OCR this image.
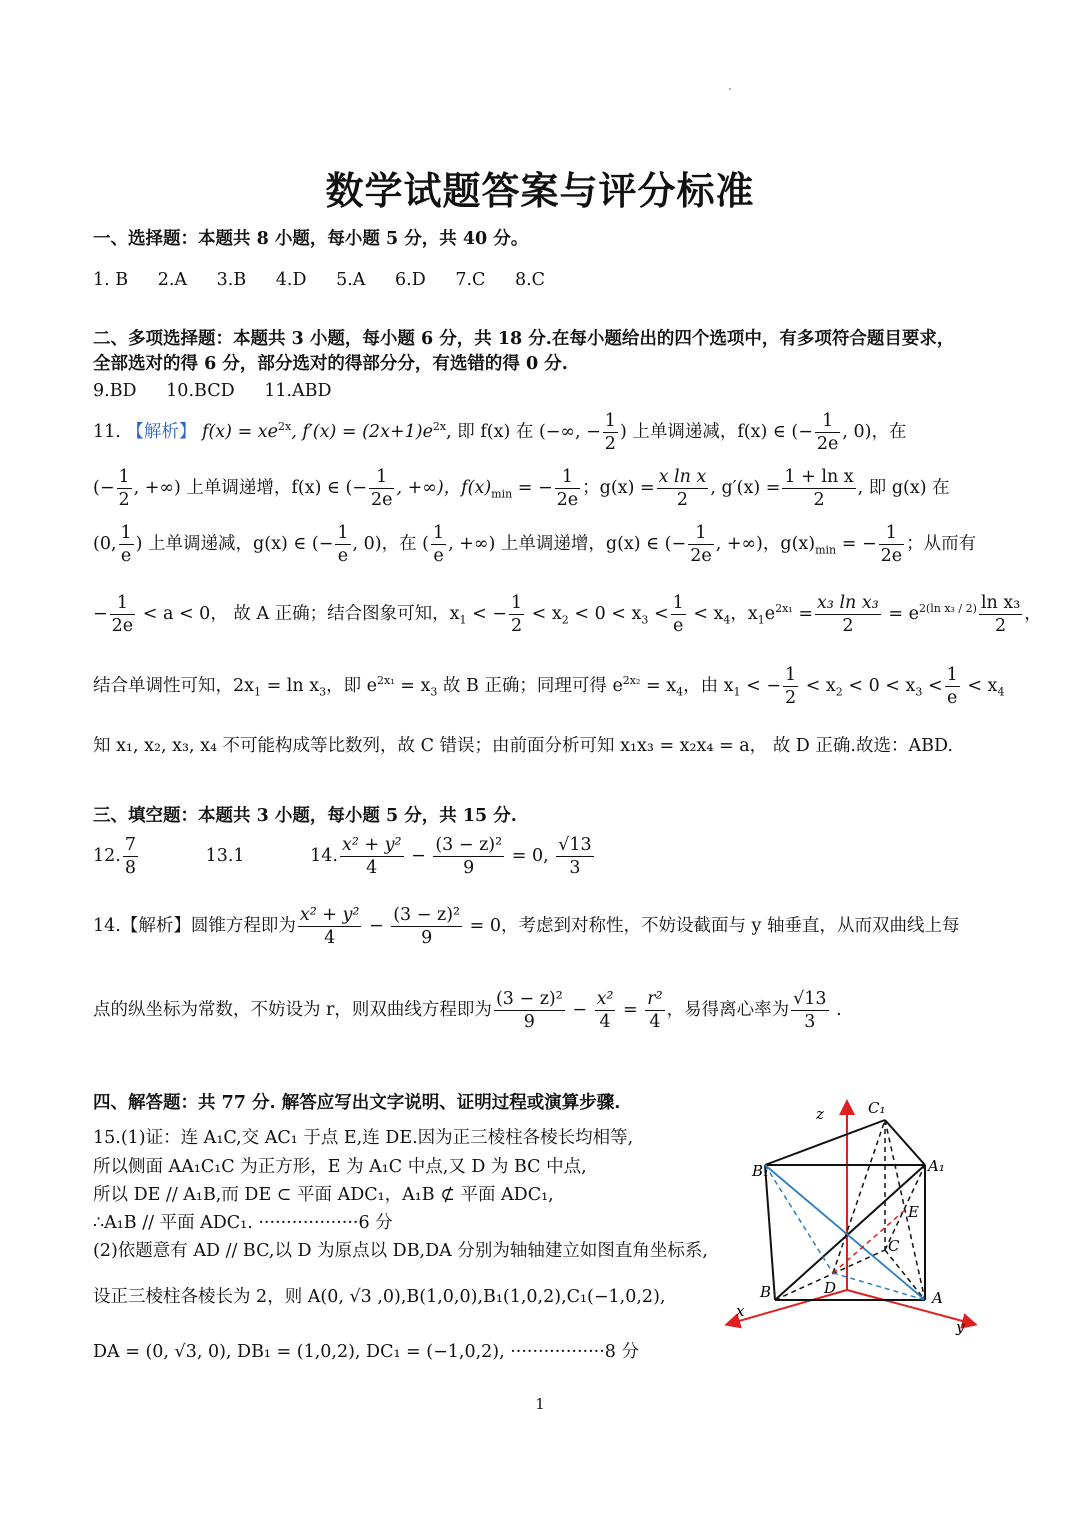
数学试题答案与评分标准
一、选择题：本题共 8 小题，每小题 5 分，共 40 分。
1. B 2.A 3.B 4.D 5.A 6.D 7.C 8.C
二、多项选择题：本题共 3 小题，每小题 6 分，共 18 分.在每小题给出的四个选项中，有多项符合题目要求，
全部选对的得 6 分，部分选对的得部分分，有选错的得 0 分.
9.BD 10.BCD 11.ABD
11. 【解析】 $f(x) = xe^{2x}$, $f'(x) = (2x+1)e^{2x}$, 即 f(x) 在 (−∞, − $\frac{1}{2}$ ) 上单调递减，f(x) ∈ (− $\frac{1}{2e}$ , 0)，在
(− $\frac{1}{2}$ , +∞) 上单调递增，f(x) ∈ (− $\frac{1}{2e}$ , +∞)，$f(x)_{min}$ = − $\frac{1}{2e}$ ；$g(x) = \frac{\text{x ln x}}{2}$ , $g'(x) = \frac{\text{1 + ln x}}{2}$ , 即 g(x) 在
(0, $\frac{1}{e}$ ) 上单调递减，g(x) ∈ (− $\frac{1}{e}$ , 0)，在 ( $\frac{1}{e}$ , +∞) 上单调递增，g(x) ∈ (− $\frac{1}{2e}$ , +∞)，$g(x)_{min}$ = − $\frac{1}{2e}$ ；从而有
− $\frac{1}{2e} < a < 0$， 故 A 正确；结合图象可知，$x_1$ < − $\frac{1}{2} < x_2 < 0 < x_3 < \frac{1}{e} < x_4$，$x_1e^{2x_1} = \frac{\text{x₃ ln x₃}}{2} = e^{2(ln x_3 / 2)} \frac{\text{ln x₃}}{2}$ ，
结合单调性可知，$2x_1 = \ln x_3$，即 $e^{2x_1} = x_3$ 故 B 正确；同理可得 $e^{2x_2} = x_4$，由 $x_1$ < − $\frac{1}{2} < x_2 < 0 < x_3 < \frac{1}{e} < x_4$
知 x₁, x₂, x₃, x₄ 不可能构成等比数列，故 C 错误；由前面分析可知 x₁x₃ = x₂x₄ = a， 故 D 正确.故选：ABD.
三、填空题：本题共 3 小题，每小题 5 分，共 15 分.
12. $\frac{7}{8}$	13.1	14. $\frac{\text{x² + y²}}{4} - \frac{\text{(3 − z)²}}{9} = 0$, $\frac{√13}{3}$
14.【解析】圆锥方程即为 $\frac{\text{x² + y²}}{4} - \frac{\text{(3 − z)²}}{9} = 0$，考虑到对称性，不妨设截面与 y 轴垂直，从而双曲线上每
点的纵坐标为常数，不妨设为 r，则双曲线方程即为 $\frac{\text{(3 − z)²}}{9} - \frac{\text{x²}}{4} = \frac{\text{r²}}{4}$ ，易得离心率为 $\frac{√13}{3}$ .
四、解答题：共 77 分. 解答应写出文字说明、证明过程或演算步骤.
15.(1)证：连 A₁C,交 AC₁ 于点 E,连 DE.因为正三棱柱各棱长均相等,
所以侧面 AA₁C₁C 为正方形，E 为 A₁C 中点,又 D 为 BC 中点,
所以 DE // A₁B,而 DE ⊂ 平面 ADC₁，A₁B ⊄ 平面 ADC₁,
∴A₁B // 平面 ADC₁. ··················6 分
(2)依题意有 AD // BC,以 D 为原点以 DB,DA 分别为轴轴建立如图直角坐标系,
设正三棱柱各棱长为 2，则 A(0, √3 ,0),B(1,0,0),B₁(1,0,2),C₁(−1,0,2),
DA = (0, √3, 0), DB₁ = (1,0,2), DC₁ = (−1,0,2), ·················8 分
z	C₁
B₁	A₁
E
C
D
B	A
x
y
1
